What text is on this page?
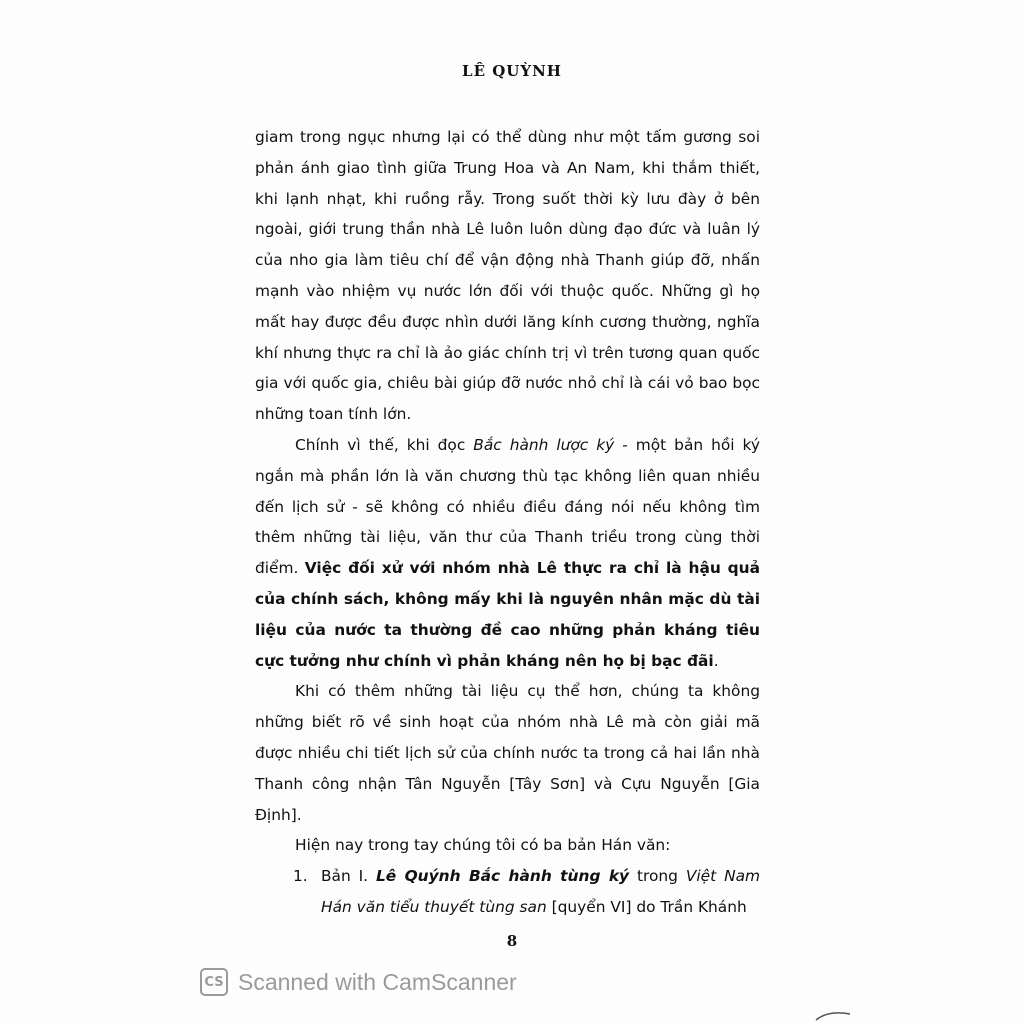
LÊ QUỲNH

giam trong ngục nhưng lại có thể dùng như một tấm gương soi phản ánh giao tình giữa Trung Hoa và An Nam, khi thắm thiết, khi lạnh nhạt, khi ruồng rẫy. Trong suốt thời kỳ lưu đày ở bên ngoài, giới trung thần nhà Lê luôn luôn dùng đạo đức và luân lý của nho gia làm tiêu chí để vận động nhà Thanh giúp đỡ, nhấn mạnh vào nhiệm vụ nước lớn đối với thuộc quốc. Những gì họ mất hay được đều được nhìn dưới lăng kính cương thường, nghĩa khí nhưng thực ra chỉ là ảo giác chính trị vì trên tương quan quốc gia với quốc gia, chiêu bài giúp đỡ nước nhỏ chỉ là cái vỏ bao bọc những toan tính lớn.

Chính vì thế, khi đọc Bắc hành lược ký - một bản hồi ký ngắn mà phần lớn là văn chương thù tạc không liên quan nhiều đến lịch sử - sẽ không có nhiều điều đáng nói nếu không tìm thêm những tài liệu, văn thư của Thanh triều trong cùng thời điểm. Việc đối xử với nhóm nhà Lê thực ra chỉ là hậu quả của chính sách, không mấy khi là nguyên nhân mặc dù tài liệu của nước ta thường đề cao những phản kháng tiêu cực tưởng như chính vì phản kháng nên họ bị bạc đãi.

Khi có thêm những tài liệu cụ thể hơn, chúng ta không những biết rõ về sinh hoạt của nhóm nhà Lê mà còn giải mã được nhiều chi tiết lịch sử của chính nước ta trong cả hai lần nhà Thanh công nhận Tân Nguyễn [Tây Sơn] và Cựu Nguyễn [Gia Định].

Hiện nay trong tay chúng tôi có ba bản Hán văn:

1. Bản I. Lê Quýnh Bắc hành tùng ký trong Việt Nam Hán văn tiểu thuyết tùng san [quyển VI] do Trần Khánh

8
CS Scanned with CamScanner
